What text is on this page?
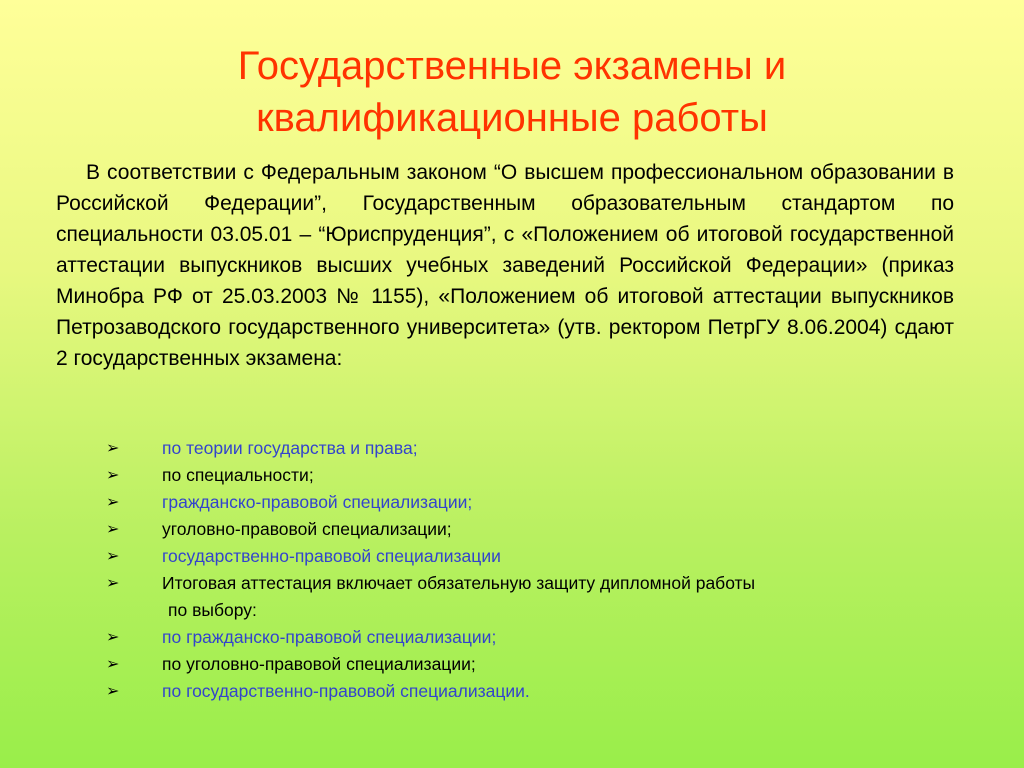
Государственные экзамены и квалификационные работы

В соответствии с Федеральным законом “О высшем профессиональном образовании в Российской Федерации”, Государственным образовательным стандартом по специальности 03.05.01 – “Юриспруденция”, с «Положением об итоговой государственной аттестации выпускников высших учебных заведений Российской Федерации» (приказ Минобра РФ от 25.03.2003 № 1155), «Положением об итоговой аттестации выпускников Петрозаводского государственного университета» (утв. ректором ПетрГУ 8.06.2004) сдают 2 государственных экзамена:

➢	по теории государства и права;
➢	по специальности;
➢	гражданско-правовой специализации;
➢	уголовно-правовой специализации;
➢	государственно-правовой специализации
➢	Итоговая аттестация включает обязательную защиту дипломной работы
по выбору:
➢	по гражданско-правовой специализации;
➢	по уголовно-правовой специализации;
➢	по государственно-правовой специализации.
